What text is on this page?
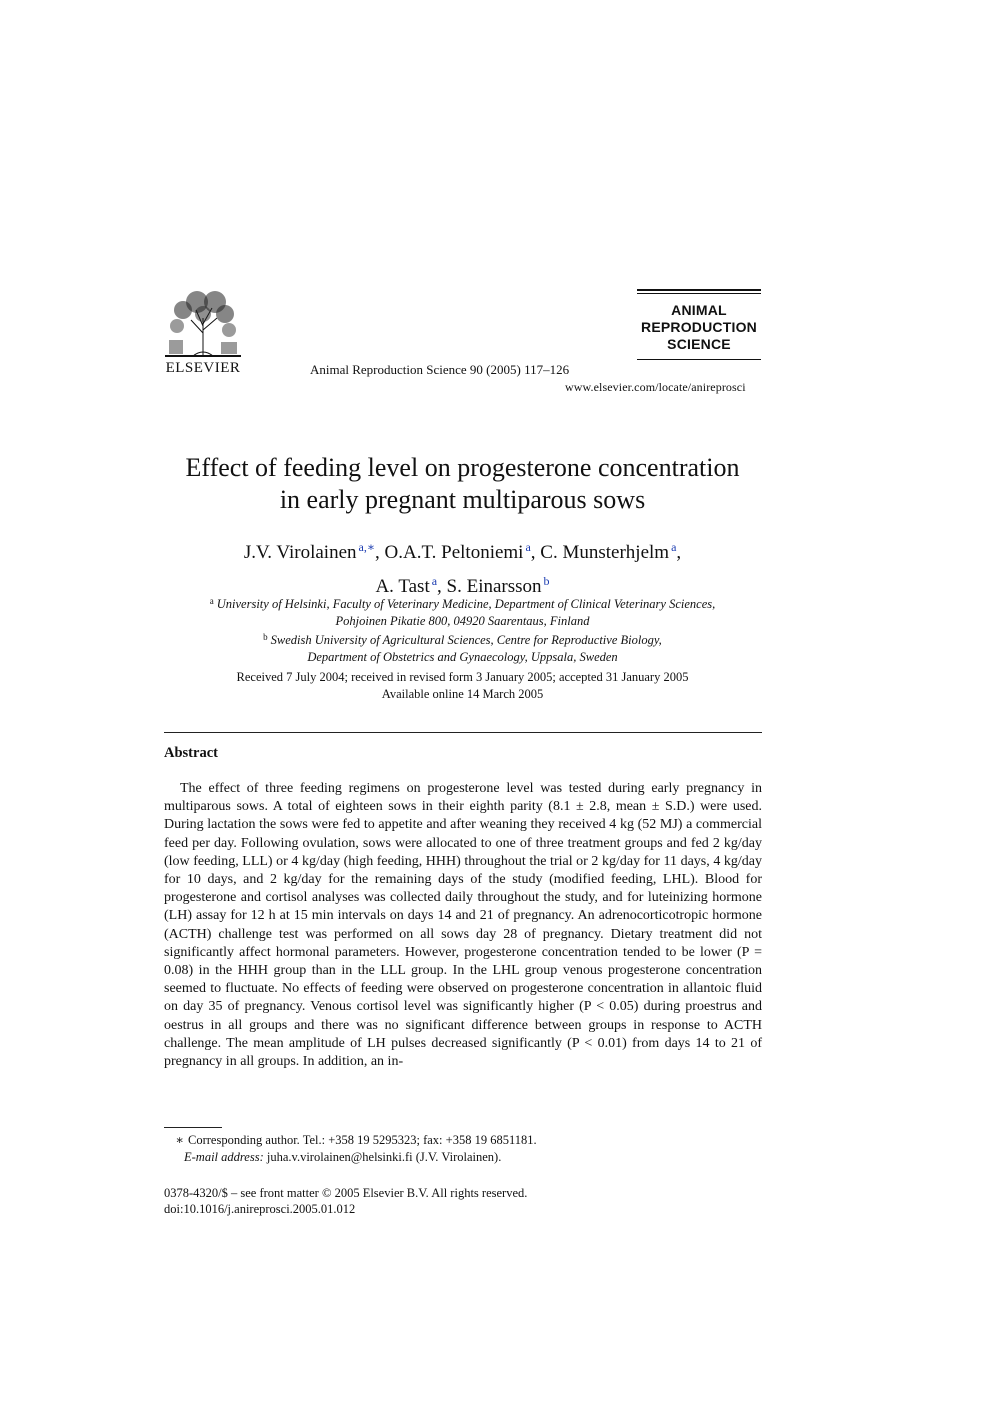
ELSEVIER	Animal Reproduction Science 90 (2005) 117–126
ANIMAL
REPRODUCTION
SCIENCE
www.elsevier.com/locate/anireprosci
Effect of feeding level on progesterone concentration
in early pregnant multiparous sows
J.V. Virolainen $^{a,∗}$, O.A.T. Peltoniemi $^a$, C. Munsterhjelm $^a$,
A. Tast $^a$, S. Einarsson $^b$
$^a$ University of Helsinki, Faculty of Veterinary Medicine, Department of Clinical Veterinary Sciences,
Pohjoinen Pikatie 800, 04920 Saarentaus, Finland
$^b$ Swedish University of Agricultural Sciences, Centre for Reproductive Biology,
Department of Obstetrics and Gynaecology, Uppsala, Sweden
Received 7 July 2004; received in revised form 3 January 2005; accepted 31 January 2005
Available online 14 March 2005
Abstract
The effect of three feeding regimens on progesterone level was tested during early pregnancy in multiparous sows. A total of eighteen sows in their eighth parity (8.1 ± 2.8, mean ± S.D.) were used. During lactation the sows were fed to appetite and after weaning they received 4 kg (52 MJ) a commercial feed per day. Following ovulation, sows were allocated to one of three treatment groups and fed 2 kg/day (low feeding, LLL) or 4 kg/day (high feeding, HHH) throughout the trial or 2 kg/day for 11 days, 4 kg/day for 10 days, and 2 kg/day for the remaining days of the study (modified feeding, LHL). Blood for progesterone and cortisol analyses was collected daily throughout the study, and for luteinizing hormone (LH) assay for 12 h at 15 min intervals on days 14 and 21 of pregnancy. An adrenocorticotropic hormone (ACTH) challenge test was performed on all sows day 28 of pregnancy. Dietary treatment did not significantly affect hormonal parameters. However, progesterone concentration tended to be lower (P = 0.08) in the HHH group than in the LLL group. In the LHL group venous progesterone concentration seemed to fluctuate. No effects of feeding were observed on progesterone concentration in allantoic fluid on day 35 of pregnancy. Venous cortisol level was significantly higher (P < 0.05) during proestrus and oestrus in all groups and there was no significant difference between groups in response to ACTH challenge. The mean amplitude of LH pulses decreased significantly (P < 0.01) from days 14 to 21 of pregnancy in all groups. In addition, an in-
∗ Corresponding author. Tel.: +358 19 5295323; fax: +358 19 6851181.
E-mail address: juha.v.virolainen@helsinki.fi (J.V. Virolainen).
0378-4320/$ – see front matter © 2005 Elsevier B.V. All rights reserved.
doi:10.1016/j.anireprosci.2005.01.012
